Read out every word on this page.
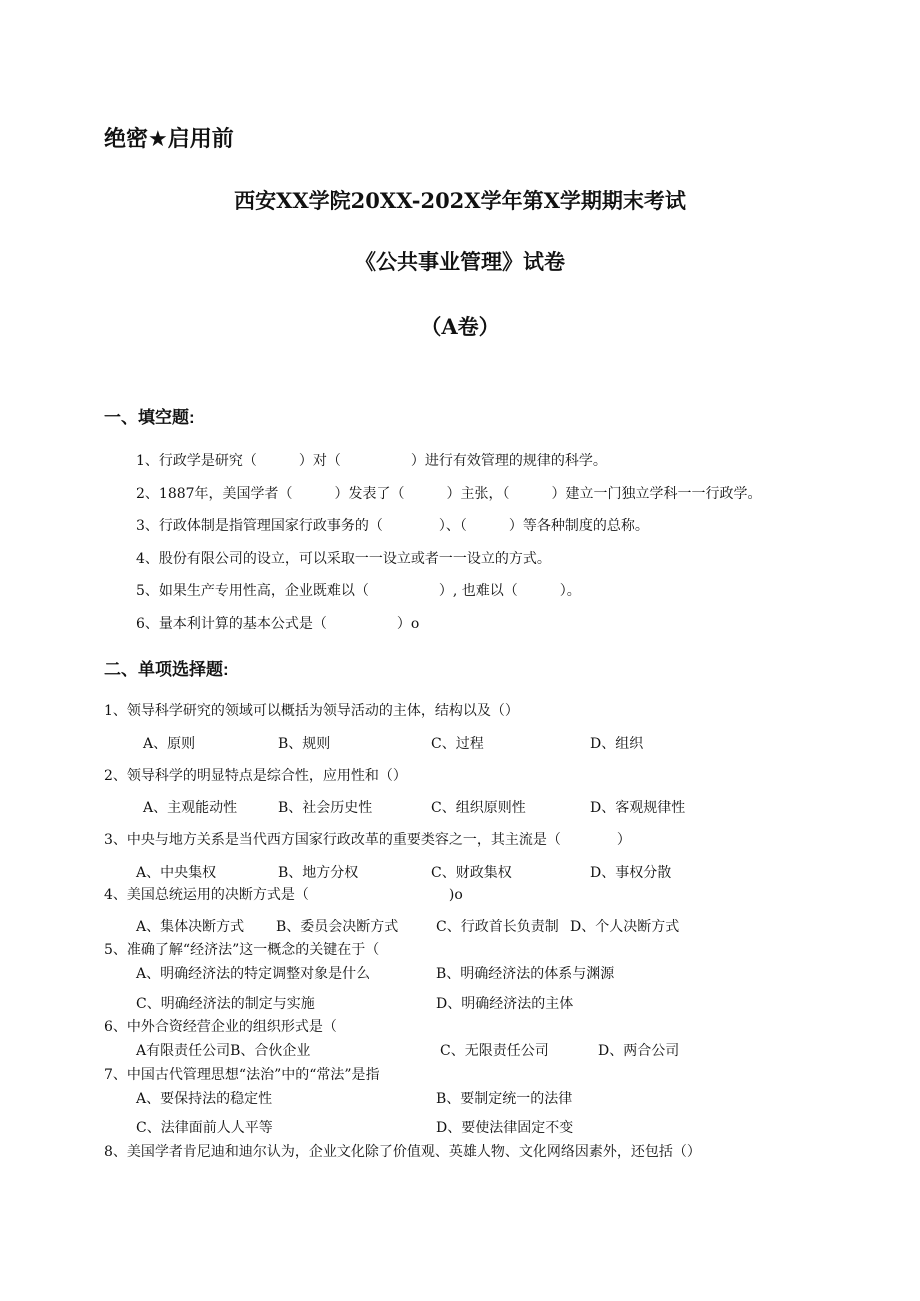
绝密★启用前
西安XX学院20XX-202X学年第X学期期末考试
《公共事业管理》试卷
（A卷）
一、填空题:
1、行政学是研究（　　　）对（　　　　　）进行有效管理的规律的科学。
2、1887年，美国学者（　　　）发表了（　　　）主张，（　　　）建立一门独立学科一一行政学。
3、行政体制是指管理国家行政事务的（　　　　）、（　　　）等各种制度的总称。
4、股份有限公司的设立，可以采取一一设立或者一一设立的方式。
5、如果生产专用性高，企业既难以（　　　　　）, 也难以（　　　）。
6、量本利计算的基本公式是（　　　　　）o
二、单项选择题:
1、领导科学研究的领域可以概括为领导活动的主体，结构以及（）
A、原则	B、规则	C、过程	D、组织
2、领导科学的明显特点是综合性，应用性和（）
A、主观能动性	B、社会历史性	C、组织原则性	D、客观规律性
3、中央与地方关系是当代西方国家行政改革的重要类容之一，其主流是（　　　　）
A、中央集权	B、地方分权	C、财政集权	D、事权分散
4、美国总统运用的决断方式是（　　　　　　　　　　)o
A、集体决断方式 B、委员会决断方式	C、行政首长负责制 D、个人决断方式
5、准确了解“经济法”这一概念的关键在于（
A、明确经济法的特定调整对象是什么	B、明确经济法的体系与渊源
C、明确经济法的制定与实施	D、明确经济法的主体
6、中外合资经营企业的组织形式是（
A有限责任公司B、合伙企业	C、无限责任公司	D、两合公司
7、中国古代管理思想“法治”中的“常法”是指
A、要保持法的稳定性	B、要制定统一的法律
C、法律面前人人平等	D、要使法律固定不变
8、美国学者肯尼迪和迪尔认为，企业文化除了价值观、英雄人物、文化网络因素外，还包括（）
